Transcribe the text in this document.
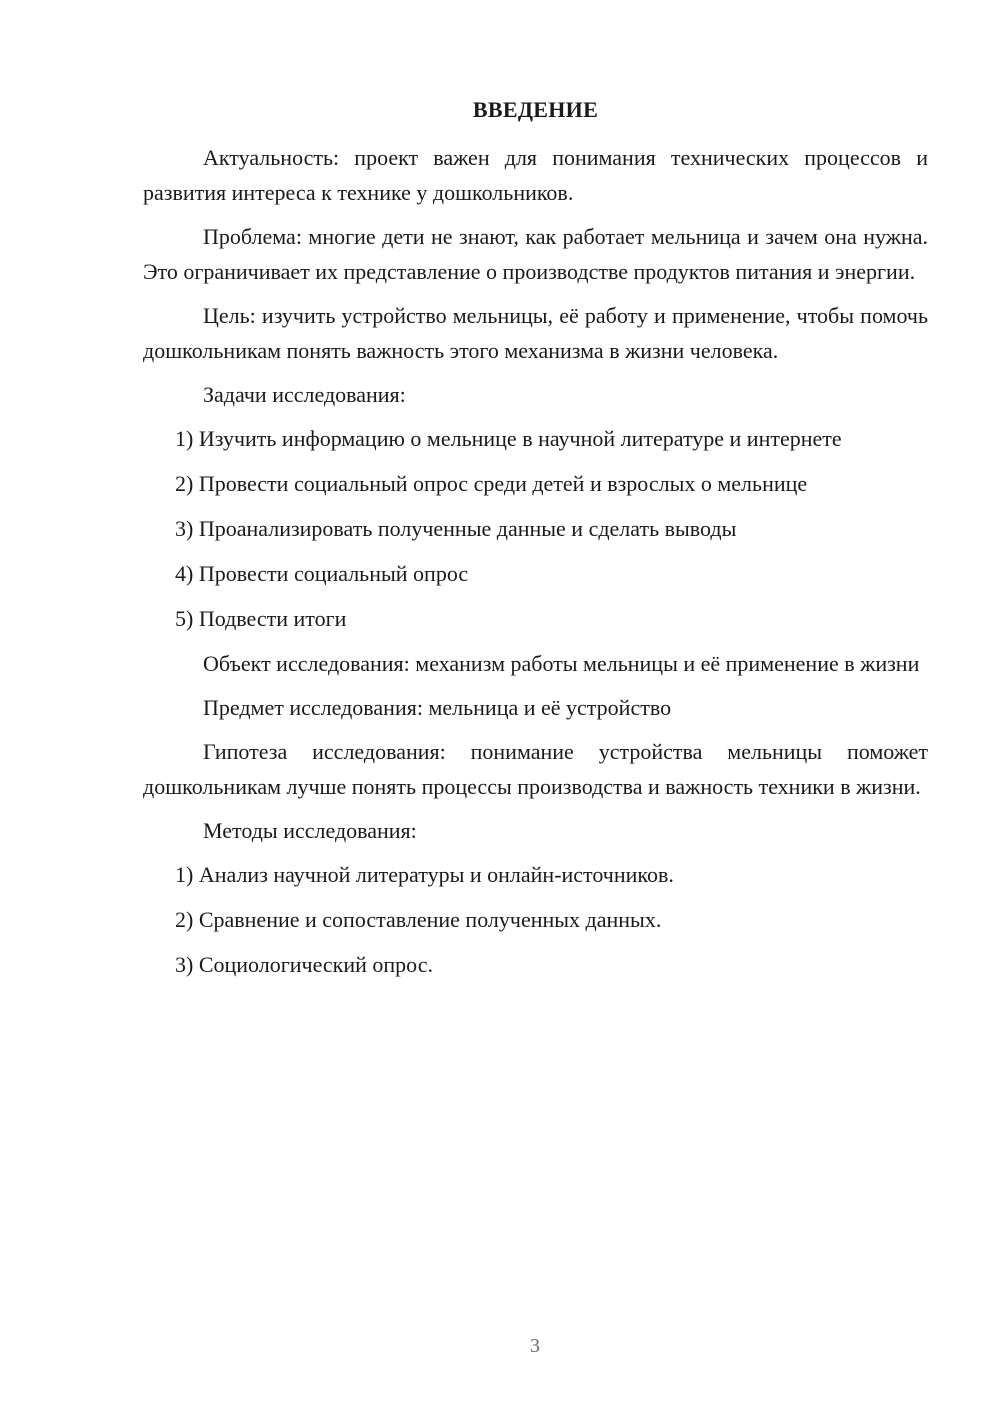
ВВЕДЕНИЕ

Актуальность: проект важен для понимания технических процессов и развития интереса к технике у дошкольников.

Проблема: многие дети не знают, как работает мельница и зачем она нужна. Это ограничивает их представление о производстве продуктов питания и энергии.

Цель: изучить устройство мельницы, её работу и применение, чтобы помочь дошкольникам понять важность этого механизма в жизни человека.

Задачи исследования:

1) Изучить информацию о мельнице в научной литературе и интернете
2) Провести социальный опрос среди детей и взрослых о мельнице
3) Проанализировать полученные данные и сделать выводы
4) Провести социальный опрос
5) Подвести итоги

Объект исследования: механизм работы мельницы и её применение в жизни

Предмет исследования: мельница и её устройство

Гипотеза исследования: понимание устройства мельницы поможет дошкольникам лучше понять процессы производства и важность техники в жизни.

Методы исследования:

1) Анализ научной литературы и онлайн-источников.
2) Сравнение и сопоставление полученных данных.
3) Социологический опрос.
3
